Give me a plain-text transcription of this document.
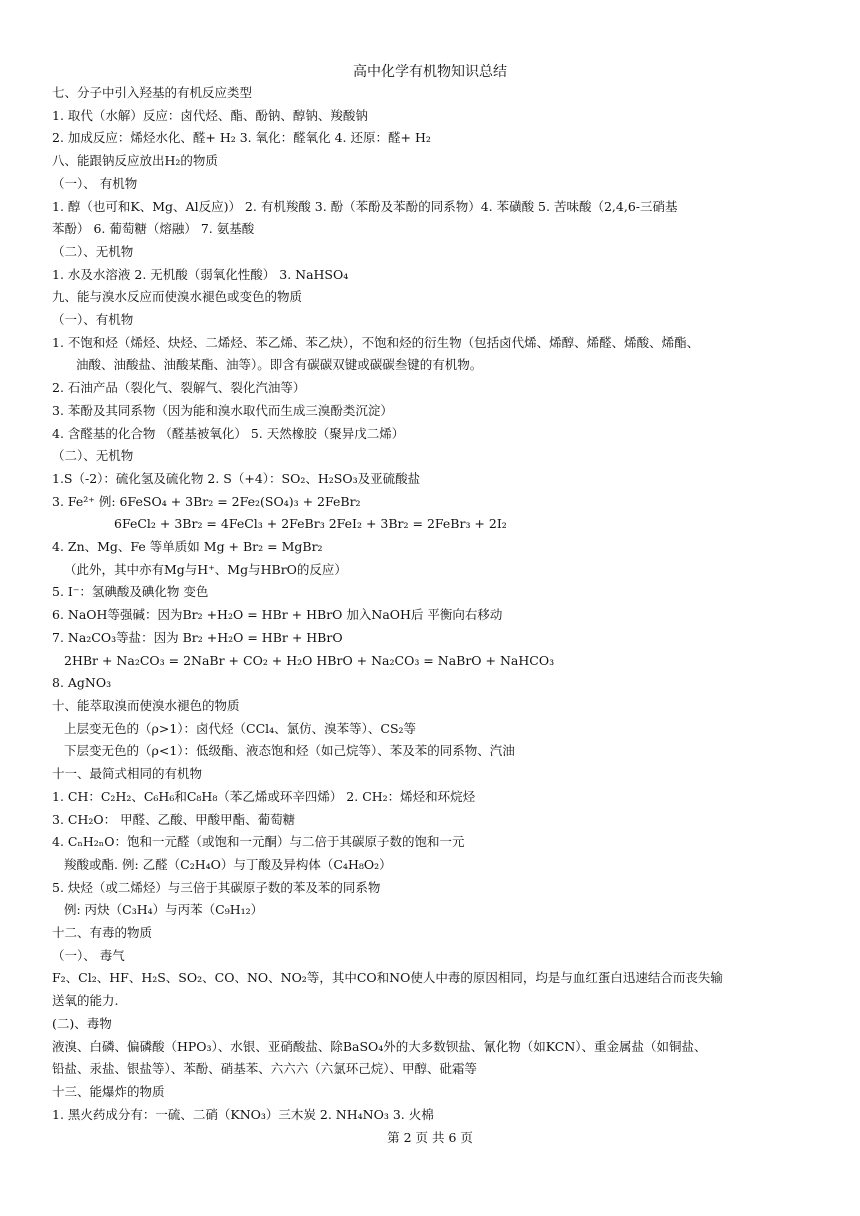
高中化学有机物知识总结
七、分子中引入羟基的有机反应类型
1. 取代（水解）反应：卤代烃、酯、酚钠、醇钠、羧酸钠
2. 加成反应：烯烃水化、醛+ H₂ 3. 氧化：醛氧化 4. 还原：醛+ H₂
八、能跟钠反应放出H₂的物质
（一）、 有机物
1. 醇（也可和K、Mg、Al反应)） 2. 有机羧酸 3. 酚（苯酚及苯酚的同系物）4. 苯磺酸 5. 苦味酸（2,4,6-三硝基
苯酚） 6. 葡萄糖（熔融） 7. 氨基酸
（二）、无机物
1. 水及水溶液 2. 无机酸（弱氧化性酸） 3. NaHSO₄
九、能与溴水反应而使溴水褪色或变色的物质
（一）、有机物
1. 不饱和烃（烯烃、炔烃、二烯烃、苯乙烯、苯乙炔），不饱和烃的衍生物（包括卤代烯、烯醇、烯醛、烯酸、烯酯、
油酸、油酸盐、油酸某酯、油等）。即含有碳碳双键或碳碳叁键的有机物。
2. 石油产品（裂化气、裂解气、裂化汽油等）
3. 苯酚及其同系物（因为能和溴水取代而生成三溴酚类沉淀）
4. 含醛基的化合物 （醛基被氧化） 5. 天然橡胶（聚异戊二烯）
（二）、无机物
1.S（-2）：硫化氢及硫化物 2. S（+4）：SO₂、H₂SO₃及亚硫酸盐
3. Fe²⁺ 例: 6FeSO₄ + 3Br₂ = 2Fe₂(SO₄)₃ + 2FeBr₂
6FeCl₂ + 3Br₂ = 4FeCl₃ + 2FeBr₃ 2FeI₂ + 3Br₂ = 2FeBr₃ + 2I₂
4. Zn、Mg、Fe 等单质如 Mg + Br₂ = MgBr₂
（此外，其中亦有Mg与H⁺、Mg与HBrO的反应）
5. I⁻：氢碘酸及碘化物 变色
6. NaOH等强碱：因为Br₂ +H₂O = HBr + HBrO 加入NaOH后 平衡向右移动
7. Na₂CO₃等盐：因为 Br₂ +H₂O = HBr + HBrO
2HBr + Na₂CO₃ = 2NaBr + CO₂ + H₂O HBrO + Na₂CO₃ = NaBrO + NaHCO₃
8. AgNO₃
十、能萃取溴而使溴水褪色的物质
上层变无色的（ρ>1）：卤代烃（CCl₄、氯仿、溴苯等）、CS₂等
下层变无色的（ρ<1）：低级酯、液态饱和烃（如己烷等）、苯及苯的同系物、汽油
十一、最简式相同的有机物
1. CH：C₂H₂、C₆H₆和C₈H₈（苯乙烯或环辛四烯） 2. CH₂：烯烃和环烷烃
3. CH₂O： 甲醛、乙酸、甲酸甲酯、葡萄糖
4. CₙH₂ₙO：饱和一元醛（或饱和一元酮）与二倍于其碳原子数的饱和一元
羧酸或酯. 例: 乙醛（C₂H₄O）与丁酸及异构体（C₄H₈O₂）
5. 炔烃（或二烯烃）与三倍于其碳原子数的苯及苯的同系物
例: 丙炔（C₃H₄）与丙苯（C₉H₁₂）
十二、有毒的物质
（一）、 毒气
F₂、Cl₂、HF、H₂S、SO₂、CO、NO、NO₂等，其中CO和NO使人中毒的原因相同，均是与血红蛋白迅速结合而丧失输
送氧的能力.
(二)、毒物
液溴、白磷、偏磷酸（HPO₃）、水银、亚硝酸盐、除BaSO₄外的大多数钡盐、氰化物（如KCN）、重金属盐（如铜盐、
铅盐、汞盐、银盐等）、苯酚、硝基苯、六六六（六氯环己烷）、甲醇、砒霜等
十三、能爆炸的物质
1. 黑火药成分有：一硫、二硝（KNO₃）三木炭 2. NH₄NO₃ 3. 火棉
第 2 页 共 6 页
